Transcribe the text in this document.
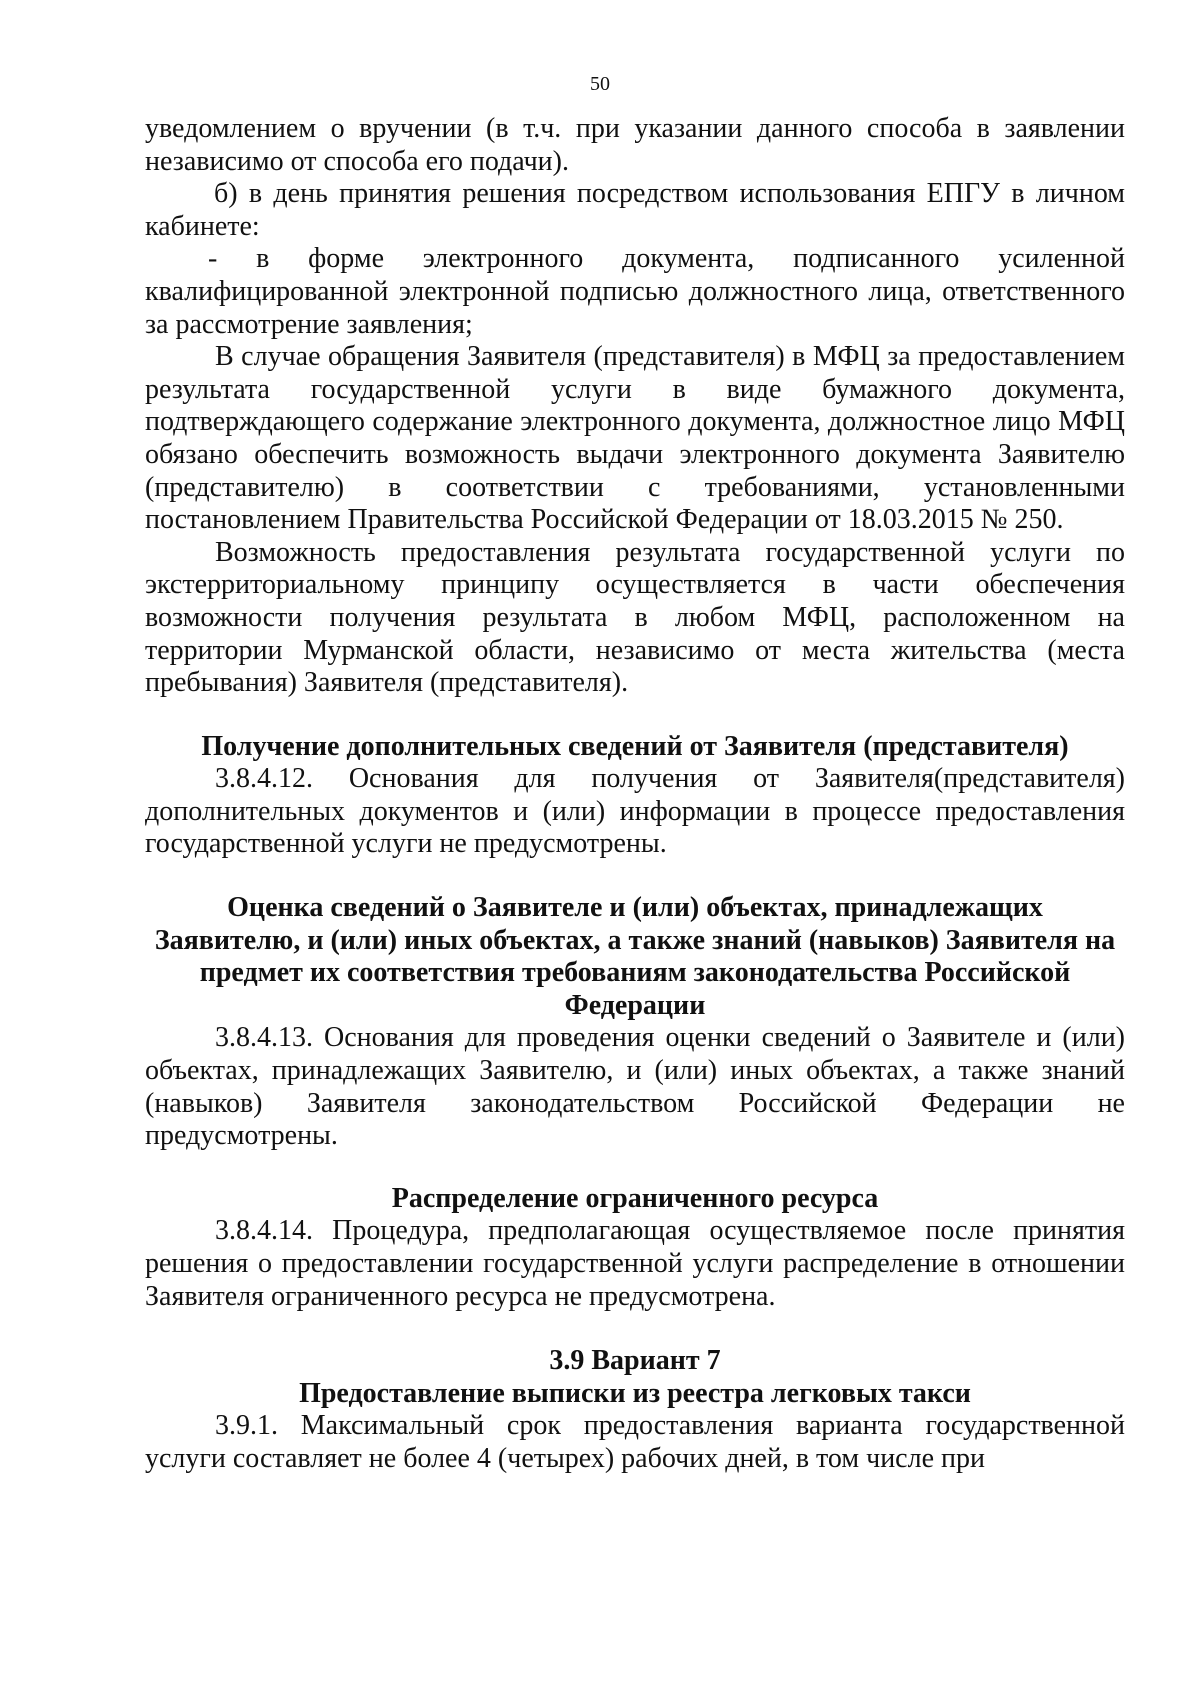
50

уведомлением о вручении (в т.ч. при указании данного способа в заявлении независимо от способа его подачи).

б) в день принятия решения посредством использования ЕПГУ в личном кабинете:

- в форме электронного документа, подписанного усиленной квалифицированной электронной подписью должностного лица, ответственного за рассмотрение заявления;

В случае обращения Заявителя (представителя) в МФЦ за предоставлением результата государственной услуги в виде бумажного документа, подтверждающего содержание электронного документа, должностное лицо МФЦ обязано обеспечить возможность выдачи электронного документа Заявителю (представителю) в соответствии с требованиями, установленными постановлением Правительства Российской Федерации от 18.03.2015 № 250.

Возможность предоставления результата государственной услуги по экстерриториальному принципу осуществляется в части обеспечения возможности получения результата в любом МФЦ, расположенном на территории Мурманской области, независимо от места жительства (места пребывания) Заявителя (представителя).

Получение дополнительных сведений от Заявителя (представителя)

3.8.4.12. Основания для получения от Заявителя(представителя) дополнительных документов и (или) информации в процессе предоставления государственной услуги не предусмотрены.

Оценка сведений о Заявителе и (или) объектах, принадлежащих
Заявителю, и (или) иных объектах, а также знаний (навыков) Заявителя на
предмет их соответствия требованиям законодательства Российской
Федерации

3.8.4.13. Основания для проведения оценки сведений о Заявителе и (или) объектах, принадлежащих Заявителю, и (или) иных объектах, а также знаний (навыков) Заявителя законодательством Российской Федерации не предусмотрены.

Распределение ограниченного ресурса

3.8.4.14. Процедура, предполагающая осуществляемое после принятия решения о предоставлении государственной услуги распределение в отношении Заявителя ограниченного ресурса не предусмотрена.

3.9 Вариант 7
Предоставление выписки из реестра легковых такси

3.9.1. Максимальный срок предоставления варианта государственной услуги составляет не более 4 (четырех) рабочих дней, в том числе при
